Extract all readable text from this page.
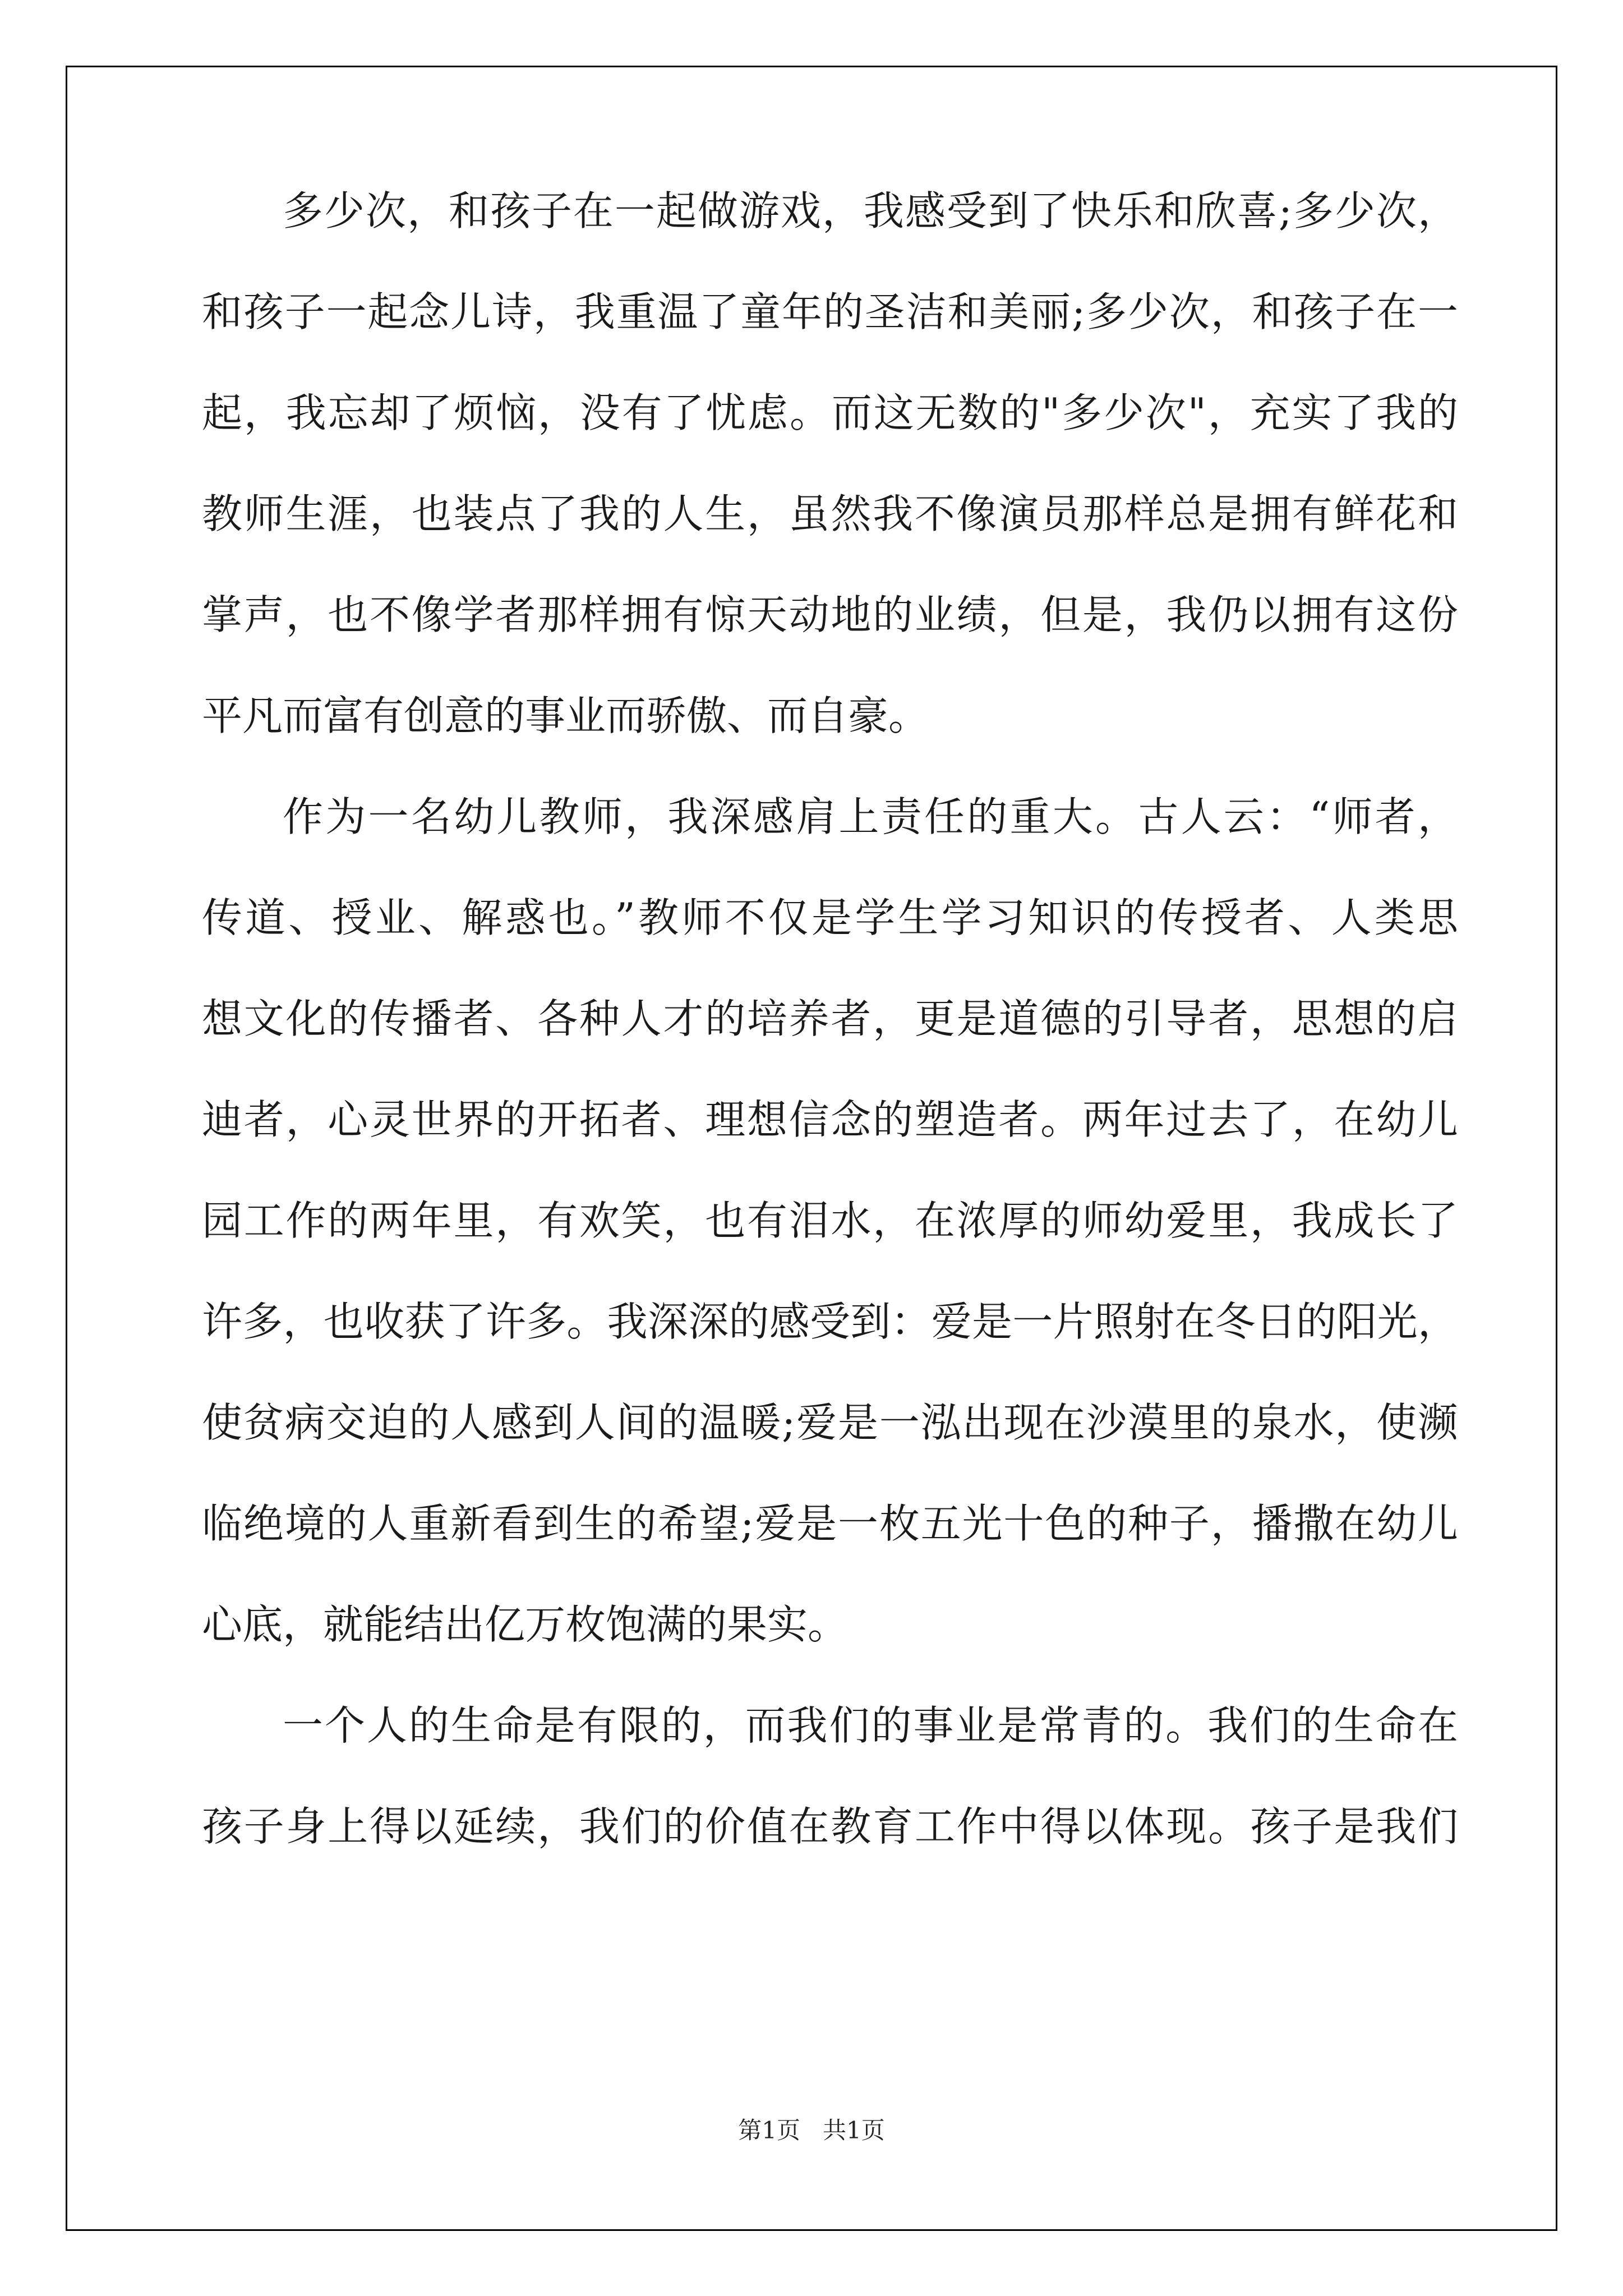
多少次，和孩子在一起做游戏，我感受到了快乐和欣喜;多少次，

和孩子一起念儿诗，我重温了童年的圣洁和美丽;多少次，和孩子在一

起，我忘却了烦恼，没有了忧虑。而这无数的"多少次"，充实了我的

教师生涯，也装点了我的人生，虽然我不像演员那样总是拥有鲜花和

掌声，也不像学者那样拥有惊天动地的业绩，但是，我仍以拥有这份

平凡而富有创意的事业而骄傲、而自豪。

作为一名幼儿教师，我深感肩上责任的重大。古人云：“师者，

传道、授业、解惑也。”教师不仅是学生学习知识的传授者、人类思

想文化的传播者、各种人才的培养者，更是道德的引导者，思想的启

迪者，心灵世界的开拓者、理想信念的塑造者。两年过去了，在幼儿

园工作的两年里，有欢笑，也有泪水，在浓厚的师幼爱里，我成长了

许多，也收获了许多。我深深的感受到：爱是一片照射在冬日的阳光，

使贫病交迫的人感到人间的温暖;爱是一泓出现在沙漠里的泉水，使濒

临绝境的人重新看到生的希望;爱是一枚五光十色的种子，播撒在幼儿

心底，就能结出亿万枚饱满的果实。

一个人的生命是有限的，而我们的事业是常青的。我们的生命在

孩子身上得以延续，我们的价值在教育工作中得以体现。孩子是我们

第1页 共1页
